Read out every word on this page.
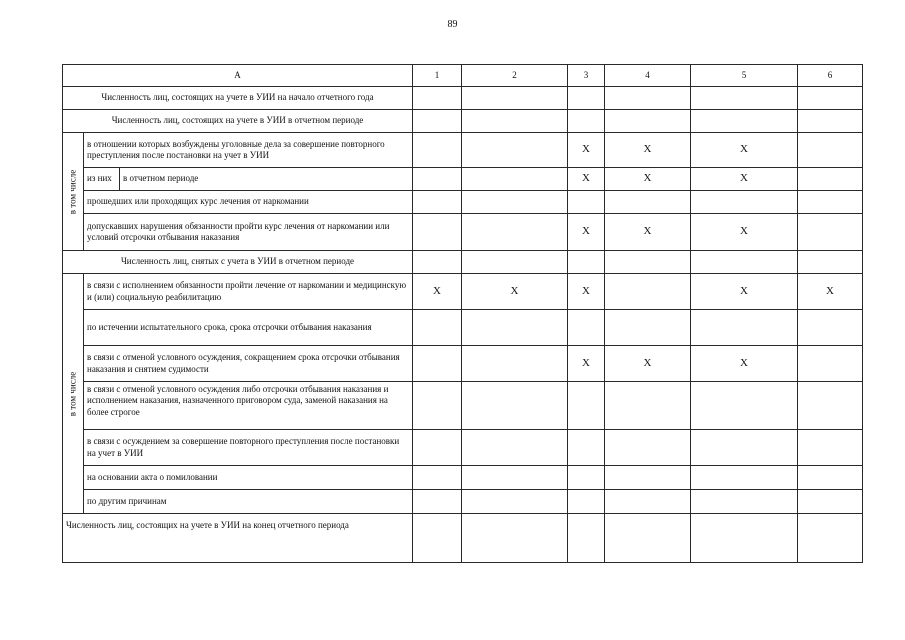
89
А			1	2	3	4	5	6
Численность лиц, состоящих на учете в УИИ на начало отчетного года								
Численность лиц, состоящих на учете в УИИ в отчетном периоде								

в том числе	в отношении которых возбуждены уголовные дела за совершение повторного преступления после постановки на учет в УИИ				X	X	X	
	из них	в отчетном периоде			X	X	X	
	прошедших или проходящих курс лечения от наркомании							
	допускавших нарушения обязанности пройти курс лечения от наркомании или условий отсрочки отбывания наказания				X	X	X	
Численность лиц, снятых с учета в УИИ в отчетном периоде								

в том числе	в связи с исполнением обязанности пройти лечение от наркомании и медицинскую и (или) социальную реабилитацию		X	X	X		X	X
	по истечении испытательного срока, срока отсрочки отбывания наказания							
	в связи с отменой условного осуждения, сокращением срока отсрочки отбывания наказания и снятием судимости				X	X	X	
	в связи с отменой условного осуждения либо отсрочки отбывания наказания и исполнением наказания, назначенного приговором суда, заменой наказания на более строгое							
	в связи с осуждением за совершение повторного преступления после постановки на учет в УИИ							
	на основании акта о помиловании							
	по другим причинам							
Численность лиц, состоящих на учете в УИИ на конец отчетного периода								
